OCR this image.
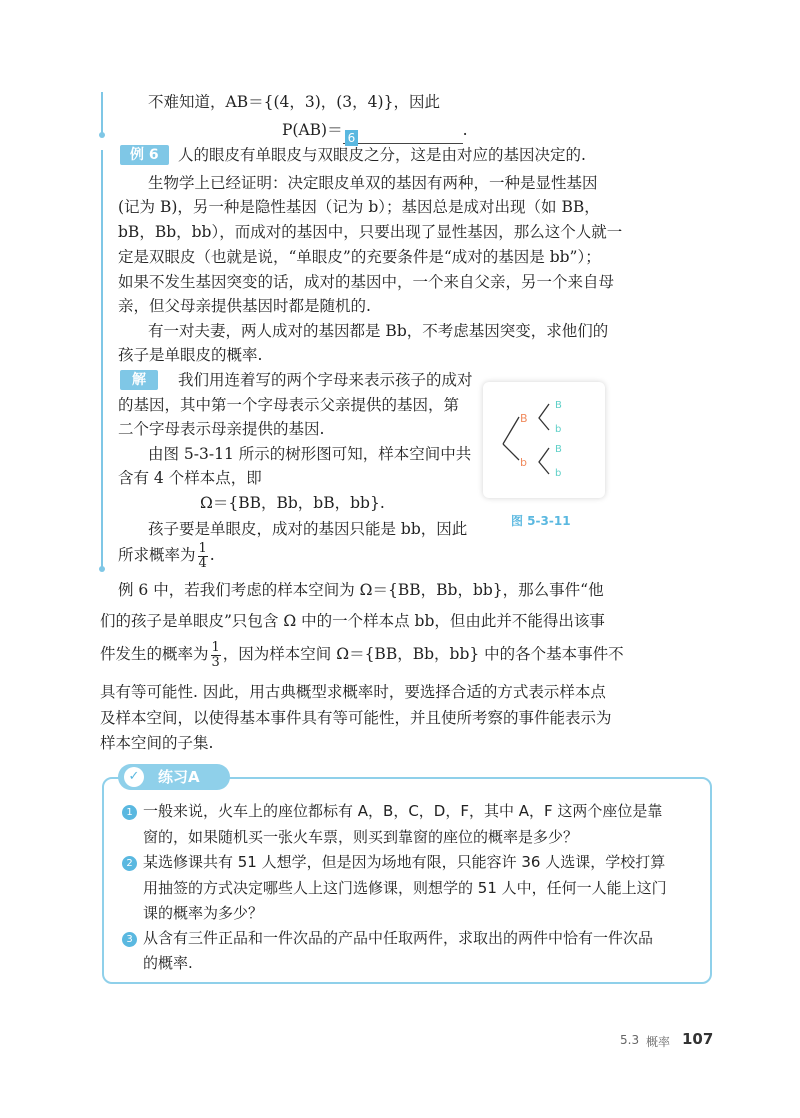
不难知道，AB＝{(4，3)，(3，4)}，因此
P(AB)＝ 6	.
例 6	人的眼皮有单眼皮与双眼皮之分，这是由对应的基因决定的.
生物学上已经证明：决定眼皮单双的基因有两种，一种是显性基因
(记为 B)，另一种是隐性基因（记为 b）；基因总是成对出现（如 BB，
bB，Bb，bb），而成对的基因中，只要出现了显性基因，那么这个人就一
定是双眼皮（也就是说，“单眼皮”的充要条件是“成对的基因是 bb”）；
如果不发生基因突变的话，成对的基因中，一个来自父亲，另一个来自母
亲，但父母亲提供基因时都是随机的.
有一对夫妻，两人成对的基因都是 Bb，不考虑基因突变，求他们的
孩子是单眼皮的概率.
解	我们用连着写的两个字母来表示孩子的成对
的基因，其中第一个字母表示父亲提供的基因，第
二个字母表示母亲提供的基因.
由图 5-3-11 所示的树形图可知，样本空间中共
含有 4 个样本点，即
Ω＝{BB，Bb，bB，bb}.
孩子要是单眼皮，成对的基因只能是 bb，因此
所求概率为 $\frac{1}{4}$ .
B
b
B
b
B
b
图 5-3-11
例 6 中，若我们考虑的样本空间为 Ω＝{BB，Bb，bb}，那么事件“他
们的孩子是单眼皮”只包含 Ω 中的一个样本点 bb，但由此并不能得出该事
件发生的概率为 $\frac{1}{3}$ ，因为样本空间 Ω＝{BB，Bb，bb} 中的各个基本事件不
具有等可能性. 因此，用古典概型求概率时，要选择合适的方式表示样本点
及样本空间，以使得基本事件具有等可能性，并且使所考察的事件能表示为
样本空间的子集.
✓	练习A
1 一般来说，火车上的座位都标有 A，B，C，D，F，其中 A，F 这两个座位是靠
窗的，如果随机买一张火车票，则买到靠窗的座位的概率是多少？
2 某选修课共有 51 人想学，但是因为场地有限，只能容许 36 人选课，学校打算
用抽签的方式决定哪些人上这门选修课，则想学的 51 人中，任何一人能上这门
课的概率为多少？
3 从含有三件正品和一件次品的产品中任取两件，求取出的两件中恰有一件次品
的概率.
5.3 概率 107
